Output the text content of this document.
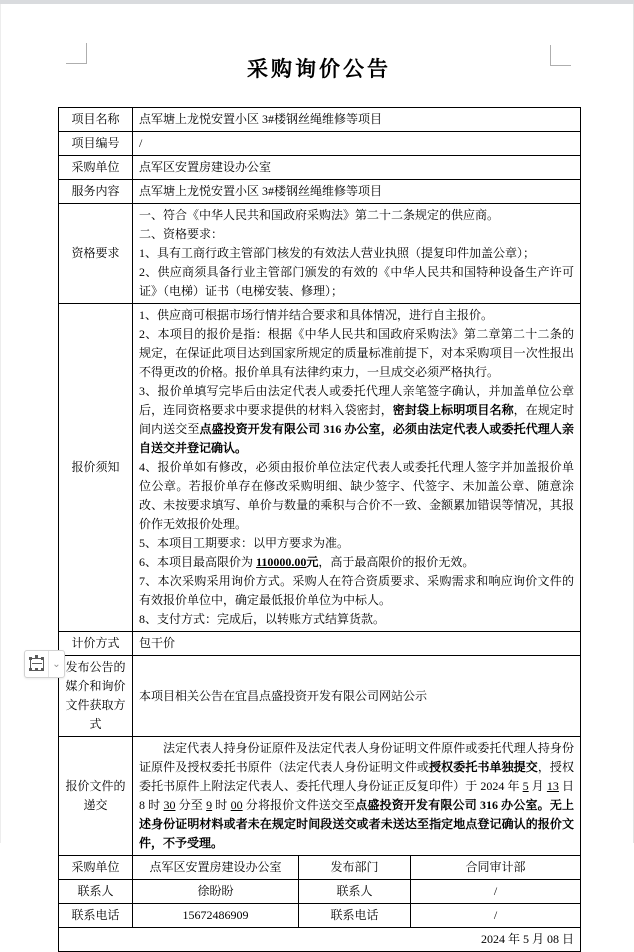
采购询价公告
项目名称	点军塘上龙悦安置小区 3#楼钢丝绳维修等项目		
项目编号	/		
采购单位	点军区安置房建设办公室		
服务内容	点军塘上龙悦安置小区 3#楼钢丝绳维修等项目		
资格要求	一、符合《中华人民共和国政府采购法》第二十二条规定的供应商。

二、资格要求：

1、具有工商行政主管部门核发的有效法人营业执照（提复印件加盖公章）；

2、供应商须具备行业主管部门颁发的有效的《中华人民共和国特种设备生产许可证》（电梯）证书（电梯安装、修理）；		

报价须知	

1、供应商可根据市场行情并结合要求和具体情况，进行自主报价。

2、本项目的报价是指：根据《中华人民共和国政府采购法》第二章第二十二条的规定，在保证此项目达到国家所规定的质量标准前提下，对本采购项目一次性报出不得更改的价格。报价单具有法律约束力，一旦成交必须严格执行。

3、报价单填写完毕后由法定代表人或委托代理人亲笔签字确认，并加盖单位公章后，连同资格要求中要求提供的材料入袋密封，密封袋上标明项目名称，在规定时间内送交至点盛投资开发有限公司 316 办公室，必须由法定代表人或委托代理人亲自送交并登记确认。

4、报价单如有修改，必须由报价单位法定代表人或委托代理人签字并加盖报价单位公章。若报价单存在修改采购明细、缺少签字、代签字、未加盖公章、随意涂改、未按要求填写、单价与数量的乘积与合价不一致、金额累加错误等情况，其报价作无效报价处理。

5、本项目工期要求：以甲方要求为准。

6、本项目最高限价为 110000.00元，高于最高限价的报价无效。

7、本次采购采用询价方式。采购人在符合资质要求、采购需求和响应询价文件的有效报价单位中，确定最低报价单位为中标人。

8、支付方式：完成后，以转账方式结算货款。

计价方式	包干价		
发布公告的媒介和询价文件获取方式	本项目相关公告在宜昌点盛投资开发有限公司网站公示		
报价文件的递交	法定代表人持身份证原件及法定代表人身份证明文件原件或委托代理人持身份证原件及授权委托书原件（法定代表人身份证明文件或授权委托书单独提交，授权委托书原件上附法定代表人、委托代理人身份证正反复印件）于 2024 年 5 月 13 日 8 时 30 分至 9 时 00 分将报价文件送交至点盛投资开发有限公司 316 办公室。无上述身份证明材料或者未在规定时间段送交或者未送达至指定地点登记确认的报价文件，不予受理。		

采购单位	点军区安置房建设办公室	发布部门	合同审计部
联系人	徐盼盼	联系人	/
联系电话	15672486909	联系电话	/
2024 年 5 月 08 日			
⌄
